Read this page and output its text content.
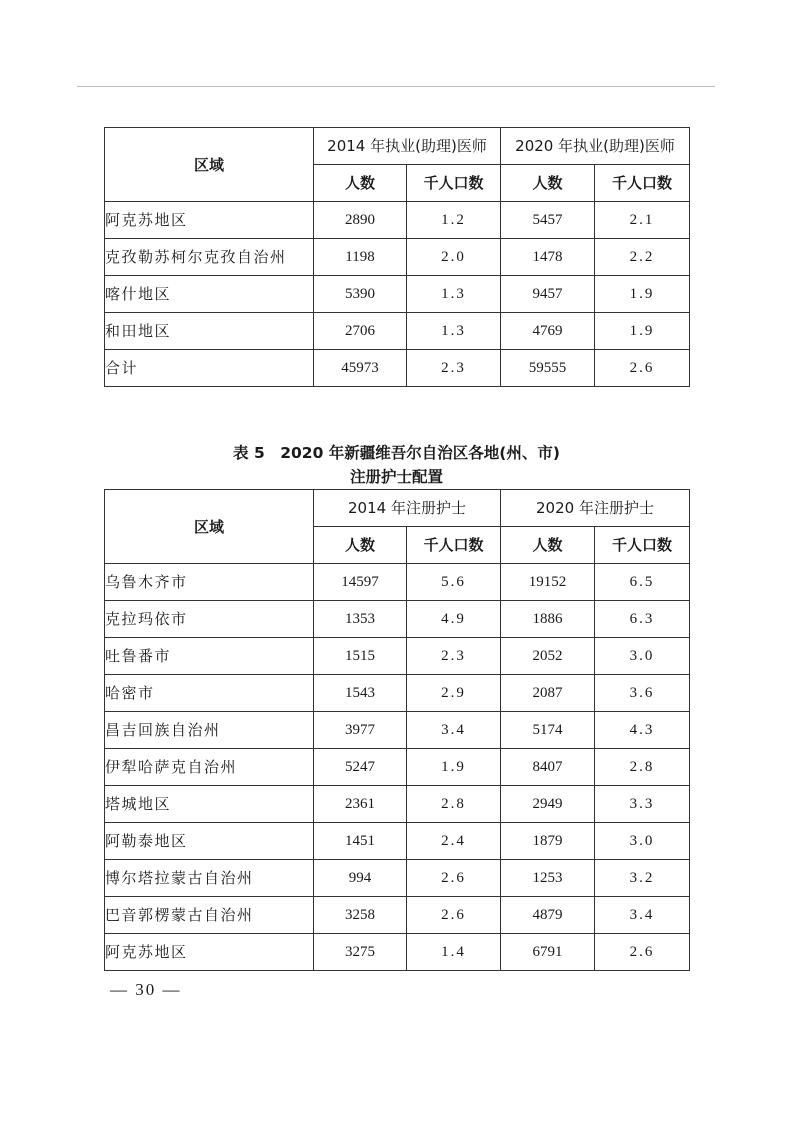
区域	2014 年执业(助理)医师		2020 年执业(助理)医师	
	人数	千人口数	人数	千人口数
阿克苏地区	2890	1.2	5457	2.1
克孜勒苏柯尔克孜自治州	1198	2.0	1478	2.2
喀什地区	5390	1.3	9457	1.9
和田地区	2706	1.3	4769	1.9
合计	45973	2.3	59555	2.6
表 5　2020 年新疆维吾尔自治区各地(州、市)
注册护士配置
区域	2014 年注册护士		2020 年注册护士	
	人数	千人口数	人数	千人口数
乌鲁木齐市	14597	5.6	19152	6.5
克拉玛依市	1353	4.9	1886	6.3
吐鲁番市	1515	2.3	2052	3.0
哈密市	1543	2.9	2087	3.6
昌吉回族自治州	3977	3.4	5174	4.3
伊犁哈萨克自治州	5247	1.9	8407	2.8
塔城地区	2361	2.8	2949	3.3
阿勒泰地区	1451	2.4	1879	3.0
博尔塔拉蒙古自治州	994	2.6	1253	3.2
巴音郭楞蒙古自治州	3258	2.6	4879	3.4
阿克苏地区	3275	1.4	6791	2.6
— 30 —
